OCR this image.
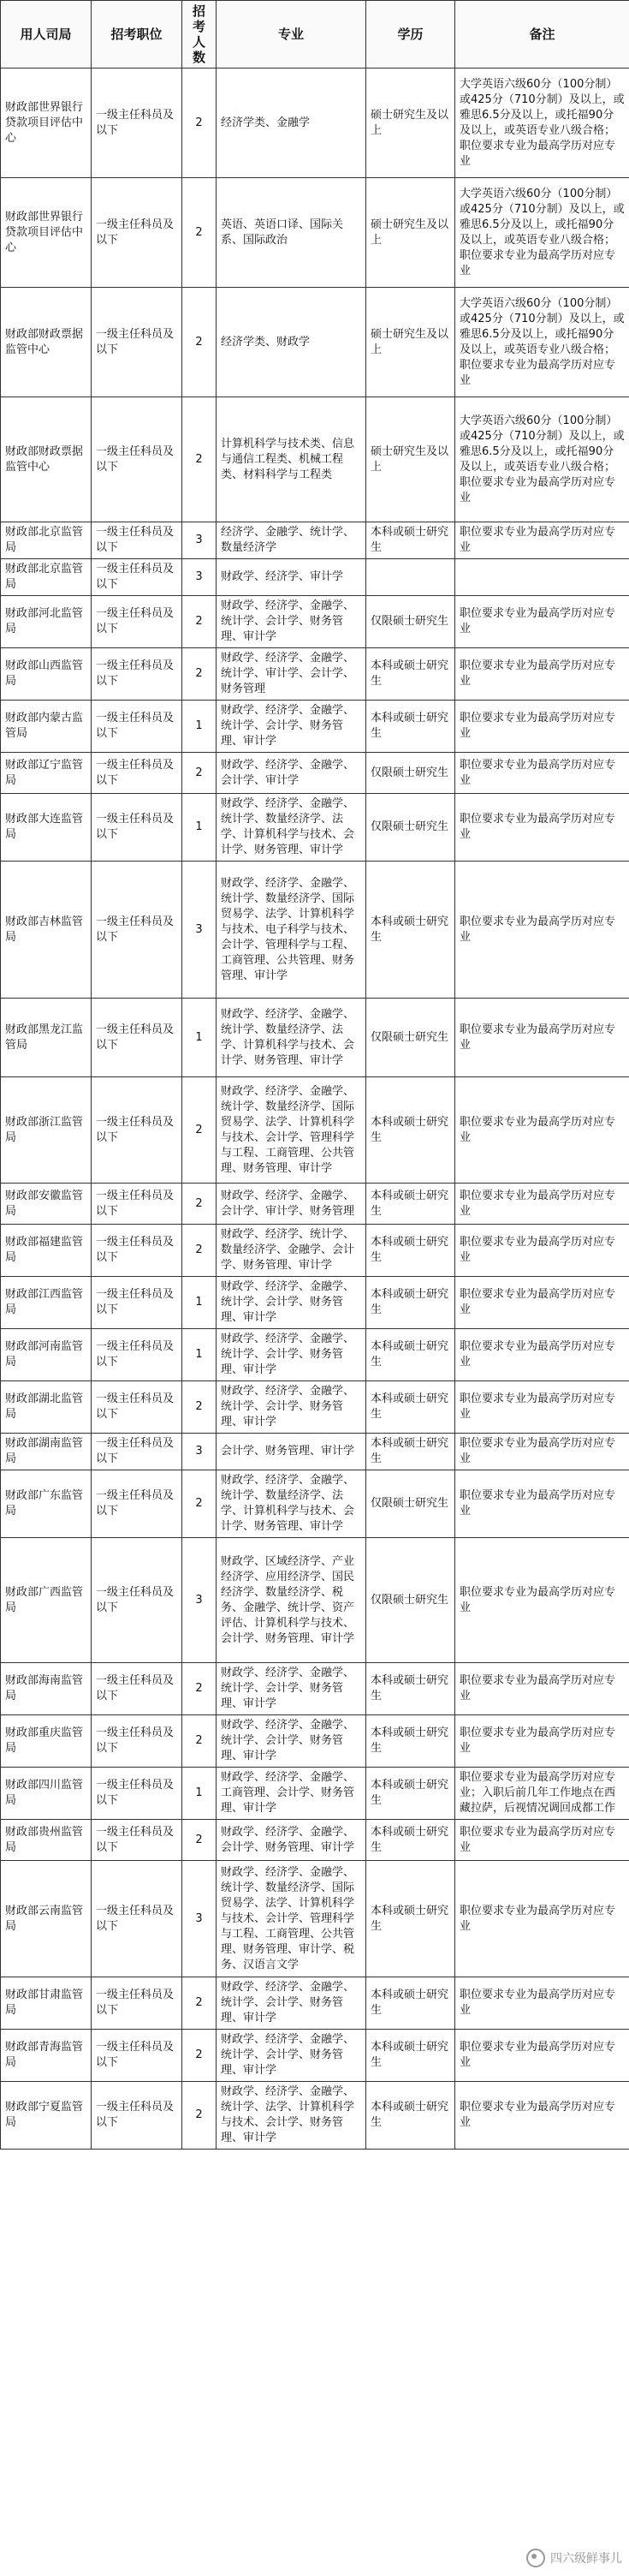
用人司局	招考职位	招考人数	专业	学历	备注
财政部世界银行贷款项目评估中心	一级主任科员及以下	2	经济学类、金融学	硕士研究生及以上	大学英语六级60分（100分制）或425分（710分制）及以上，或雅思6.5分及以上，或托福90分及以上，或英语专业八级合格；职位要求专业为最高学历对应专业
财政部世界银行贷款项目评估中心	一级主任科员及以下	2	英语、英语口译、国际关系、国际政治	硕士研究生及以上	大学英语六级60分（100分制）或425分（710分制）及以上，或雅思6.5分及以上，或托福90分及以上，或英语专业八级合格；职位要求专业为最高学历对应专业
财政部财政票据监管中心	一级主任科员及以下	2	经济学类、财政学	硕士研究生及以上	大学英语六级60分（100分制）或425分（710分制）及以上，或雅思6.5分及以上，或托福90分及以上，或英语专业八级合格；职位要求专业为最高学历对应专业
财政部财政票据监管中心	一级主任科员及以下	2	计算机科学与技术类、信息与通信工程类、机械工程类、材料科学与工程类	硕士研究生及以上	大学英语六级60分（100分制）或425分（710分制）及以上，或雅思6.5分及以上，或托福90分及以上，或英语专业八级合格；职位要求专业为最高学历对应专业
财政部北京监管局	一级主任科员及以下	3	经济学、金融学、统计学、数量经济学	本科或硕士研究生	职位要求专业为最高学历对应专业
财政部北京监管局	一级主任科员及以下	3	财政学、经济学、审计学		
财政部河北监管局	一级主任科员及以下	2	财政学、经济学、金融学、统计学、会计学、财务管理、审计学	仅限硕士研究生	职位要求专业为最高学历对应专业
财政部山西监管局	一级主任科员及以下	2	财政学、经济学、金融学、统计学、审计学、会计学、财务管理	本科或硕士研究生	职位要求专业为最高学历对应专业
财政部内蒙古监管局	一级主任科员及以下	1	财政学、经济学、金融学、统计学、会计学、财务管理、审计学	本科或硕士研究生	职位要求专业为最高学历对应专业
财政部辽宁监管局	一级主任科员及以下	2	财政学、经济学、金融学、会计学、审计学	仅限硕士研究生	职位要求专业为最高学历对应专业
财政部大连监管局	一级主任科员及以下	1	财政学、经济学、金融学、统计学、数量经济学、法学、计算机科学与技术、会计学、财务管理、审计学	仅限硕士研究生	职位要求专业为最高学历对应专业
财政部吉林监管局	一级主任科员及以下	3	财政学、经济学、金融学、统计学、数量经济学、国际贸易学、法学、计算机科学与技术、电子科学与技术、会计学、管理科学与工程、工商管理、公共管理、财务管理、审计学	本科或硕士研究生	职位要求专业为最高学历对应专业
财政部黑龙江监管局	一级主任科员及以下	1	财政学、经济学、金融学、统计学、数量经济学、法学、计算机科学与技术、会计学、财务管理、审计学	仅限硕士研究生	职位要求专业为最高学历对应专业
财政部浙江监管局	一级主任科员及以下	2	财政学、经济学、金融学、统计学、数量经济学、国际贸易学、法学、计算机科学与技术、会计学、管理科学与工程、工商管理、公共管理、财务管理、审计学	本科或硕士研究生	职位要求专业为最高学历对应专业
财政部安徽监管局	一级主任科员及以下	2	财政学、经济学、金融学、会计学、审计学、财务管理	本科或硕士研究生	职位要求专业为最高学历对应专业
财政部福建监管局	一级主任科员及以下	2	财政学、经济学、统计学、数量经济学、金融学、会计学、财务管理、审计学	本科或硕士研究生	职位要求专业为最高学历对应专业
财政部江西监管局	一级主任科员及以下	1	财政学、经济学、金融学、统计学、会计学、财务管理、审计学	本科或硕士研究生	职位要求专业为最高学历对应专业
财政部河南监管局	一级主任科员及以下	1	财政学、经济学、金融学、统计学、会计学、财务管理、审计学	本科或硕士研究生	职位要求专业为最高学历对应专业
财政部湖北监管局	一级主任科员及以下	2	财政学、经济学、金融学、统计学、会计学、财务管理、审计学	本科或硕士研究生	职位要求专业为最高学历对应专业
财政部湖南监管局	一级主任科员及以下	3	会计学、财务管理、审计学	本科或硕士研究生	职位要求专业为最高学历对应专业
财政部广东监管局	一级主任科员及以下	2	财政学、经济学、金融学、统计学、数量经济学、法学、计算机科学与技术、会计学、财务管理、审计学	仅限硕士研究生	职位要求专业为最高学历对应专业
财政部广西监管局	一级主任科员及以下	3	财政学、区域经济学、产业经济学、应用经济学、国民经济学、数量经济学、税务、金融学、统计学、资产评估、计算机科学与技术、会计学、财务管理、审计学	仅限硕士研究生	职位要求专业为最高学历对应专业
财政部海南监管局	一级主任科员及以下	2	财政学、经济学、金融学、统计学、会计学、财务管理、审计学	本科或硕士研究生	职位要求专业为最高学历对应专业
财政部重庆监管局	一级主任科员及以下	2	财政学、经济学、金融学、统计学、会计学、财务管理、审计学	本科或硕士研究生	职位要求专业为最高学历对应专业
财政部四川监管局	一级主任科员及以下	1	财政学、经济学、金融学、工商管理、会计学、财务管理、审计学	本科或硕士研究生	职位要求专业为最高学历对应专业；入职后前几年工作地点在西藏拉萨，后视情况调回成都工作
财政部贵州监管局	一级主任科员及以下	2	财政学、经济学、金融学、会计学、财务管理、审计学	本科或硕士研究生	职位要求专业为最高学历对应专业
财政部云南监管局	一级主任科员及以下	3	财政学、经济学、金融学、统计学、数量经济学、国际贸易学、法学、计算机科学与技术、会计学、管理科学与工程、工商管理、公共管理、财务管理、审计学、税务、汉语言文学	本科或硕士研究生	职位要求专业为最高学历对应专业
财政部甘肃监管局	一级主任科员及以下	2	财政学、经济学、金融学、统计学、会计学、财务管理、审计学	本科或硕士研究生	职位要求专业为最高学历对应专业
财政部青海监管局	一级主任科员及以下	2	财政学、经济学、金融学、统计学、会计学、财务管理、审计学	本科或硕士研究生	职位要求专业为最高学历对应专业
财政部宁夏监管局	一级主任科员及以下	2	财政学、经济学、金融学、统计学、法学、计算机科学与技术、会计学、财务管理、审计学	本科或硕士研究生	职位要求专业为最高学历对应专业
四六级鲜事儿
